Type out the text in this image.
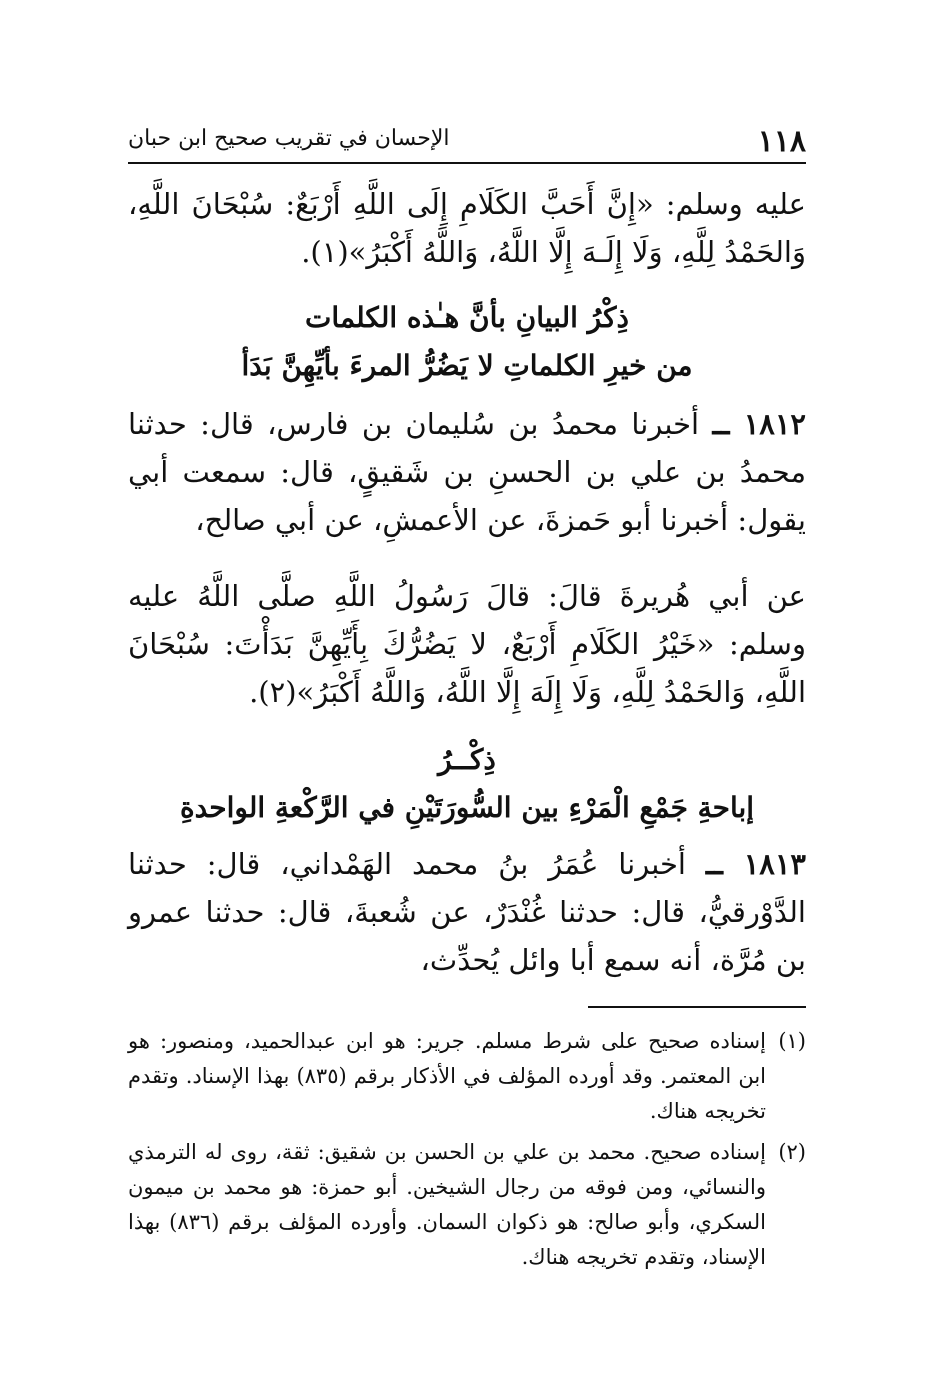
١١٨
الإحسان في تقريب صحيح ابن حبان

عليه وسلم: «إِنَّ أَحَبَّ الكَلَامِ إِلَى اللَّهِ أَرْبَعٌ: سُبْحَانَ اللَّهِ، وَالحَمْدُ لِلَّهِ، وَلَا إِلَـهَ إِلَّا اللَّهُ، وَاللَّهُ أَكْبَرُ»(١).

ذِكْرُ البيانِ بأنَّ هـٰذه الكلمات

من خيرِ الكلماتِ لا يَضُرُّ المرءَ بأيِّهِنَّ بَدَأ

١٨١٢ ــ أخبرنا محمدُ بن سُليمان بن فارس، قال: حدثنا محمدُ بن علي بن الحسنِ بن شَقيقٍ، قال: سمعت أبي يقول: أخبرنا أبو حَمزةَ، عن الأعمشِ، عن أبي صالح،

عن أبي هُريرةَ قالَ: قالَ رَسُولُ اللَّهِ صلَّى اللَّهُ عليه وسلم: «خَيْرُ الكَلَامِ أَرْبَعٌ، لا يَضُرُّكَ بِأَيِّهِنَّ بَدَأْتَ: سُبْحَانَ اللَّهِ، وَالحَمْدُ لِلَّهِ، وَلَا إِلَهَ إِلَّا اللَّهُ، وَاللَّهُ أَكْبَرُ»(٢).

ذِكْــرُ

إباحةِ جَمْعِ الْمَرْءِ بين السُّورَتَيْنِ في الرَّكْعةِ الواحدةِ

١٨١٣ ــ أخبرنا عُمَرُ بنُ محمد الهَمْداني، قال: حدثنا الدَّوْرقيُّ، قال: حدثنا غُنْدَرٌ، عن شُعبةَ، قال: حدثنا عمرو بن مُرَّة، أنه سمع أبا وائل يُحدِّث،

(١)
إسناده صحيح على شرط مسلم. جرير: هو ابن عبدالحميد، ومنصور: هو ابن المعتمر. وقد أورده المؤلف في الأذكار برقم (٨٣٥) بهذا الإسناد. وتقدم تخريجه هناك.

(٢)
إسناده صحيح. محمد بن علي بن الحسن بن شقيق: ثقة، روى له الترمذي والنسائي، ومن فوقه من رجال الشيخين. أبو حمزة: هو محمد بن ميمون السكري، وأبو صالح: هو ذكوان السمان. وأورده المؤلف برقم (٨٣٦) بهذا الإسناد، وتقدم تخريجه هناك.
